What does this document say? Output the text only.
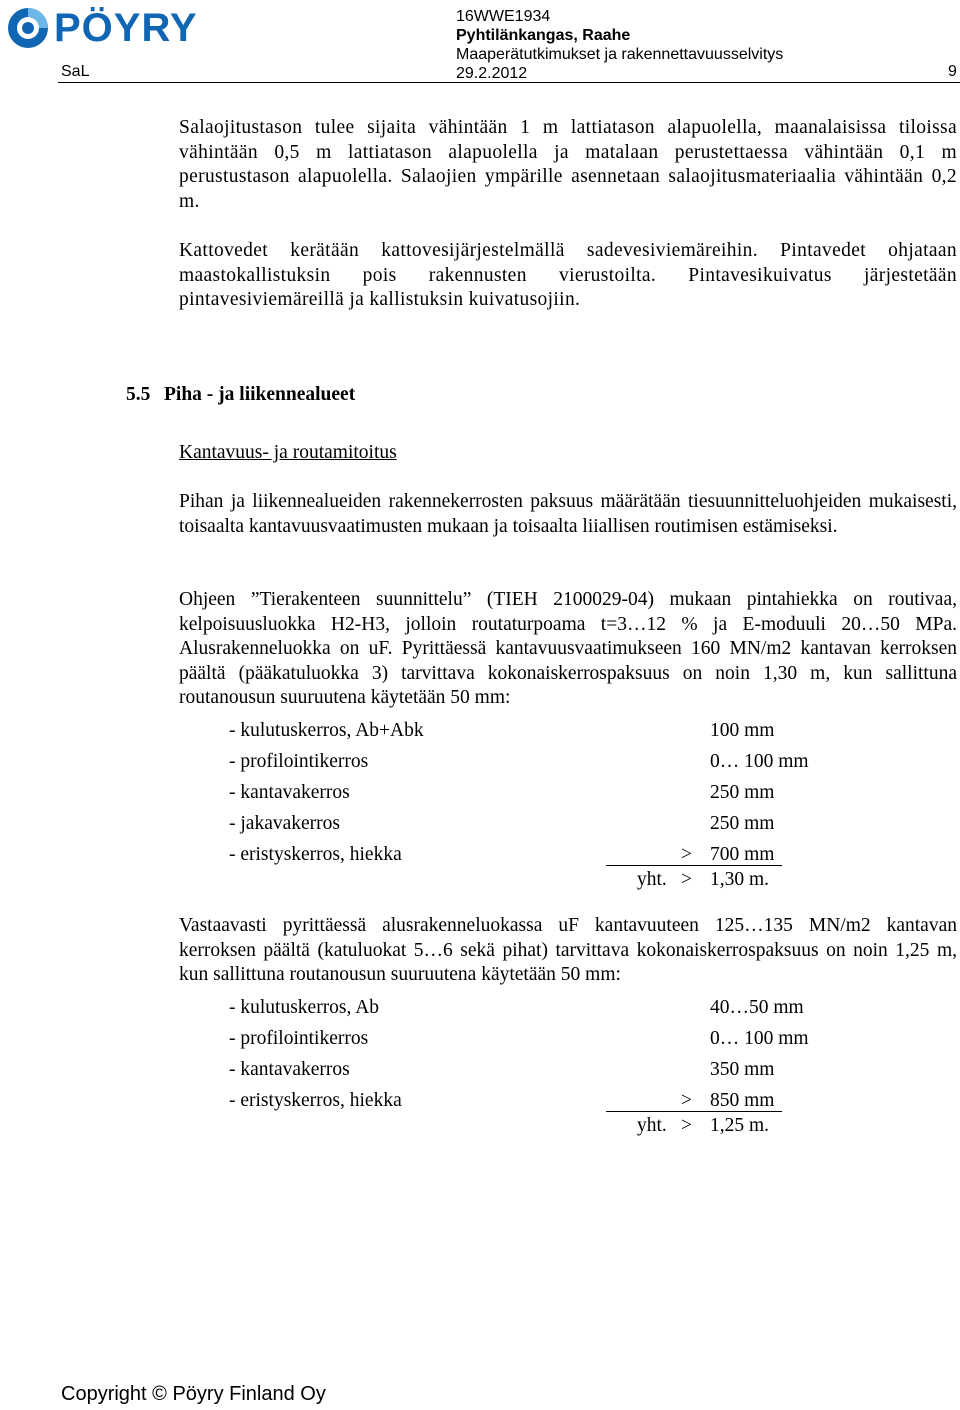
PÖYRY
SaL
16WWE1934
Pyhtilänkangas, Raahe
Maaperätutkimukset ja rakennettavuusselvitys
29.2.2012	9
Salaojitustason tulee sijaita vähintään 1 m lattiatason alapuolella, maanalaisissa tiloissa vähintään 0,5 m lattiatason alapuolella ja matalaan perustettaessa vähintään 0,1 m perustustason alapuolella. Salaojien ympärille asennetaan salaojitusmateriaalia vähintään 0,2 m.
Kattovedet kerätään kattovesijärjestelmällä sadevesiviemäreihin. Pintavedet ohjataan maastokallistuksin pois rakennusten vierustoilta. Pintavesikuivatus järjestetään pintavesiviemäreillä ja kallistuksin kuivatusojiin.
5.5 Piha - ja liikennealueet
Kantavuus- ja routamitoitus
Pihan ja liikennealueiden rakennekerrosten paksuus määrätään tiesuunnitteluohjeiden mukaisesti, toisaalta kantavuusvaatimusten mukaan ja toisaalta liiallisen routimisen estämiseksi.
Ohjeen ”Tierakenteen suunnittelu” (TIEH 2100029-04) mukaan pintahiekka on routivaa, kelpoisuusluokka H2-H3, jolloin routaturpoama t=3…12 % ja E-moduuli 20…50 MPa. Alusrakenneluokka on uF. Pyrittäessä kantavuusvaatimukseen 160 MN/m2 kantavan kerroksen päältä (pääkatuluokka 3) tarvittava kokonaiskerrospaksuus on noin 1,30 m, kun sallittuna routanousun suuruutena käytetään 50 mm:
- kulutuskerros, Ab+Abk	100 mm
- profilointikerros	0… 100 mm
- kantavakerros	250 mm
- jakavakerros	250 mm
- eristyskerros, hiekka	> 700 mm
yht. > 1,30 m.
Vastaavasti pyrittäessä alusrakenneluokassa uF kantavuuteen 125…135 MN/m2 kantavan kerroksen päältä (katuluokat 5…6 sekä pihat) tarvittava kokonaiskerrospaksuus on noin 1,25 m, kun sallittuna routanousun suuruutena käytetään 50 mm:
- kulutuskerros, Ab	40…50 mm
- profilointikerros	0… 100 mm
- kantavakerros	350 mm
- eristyskerros, hiekka	> 850 mm
yht. > 1,25 m.
Copyright © Pöyry Finland Oy
